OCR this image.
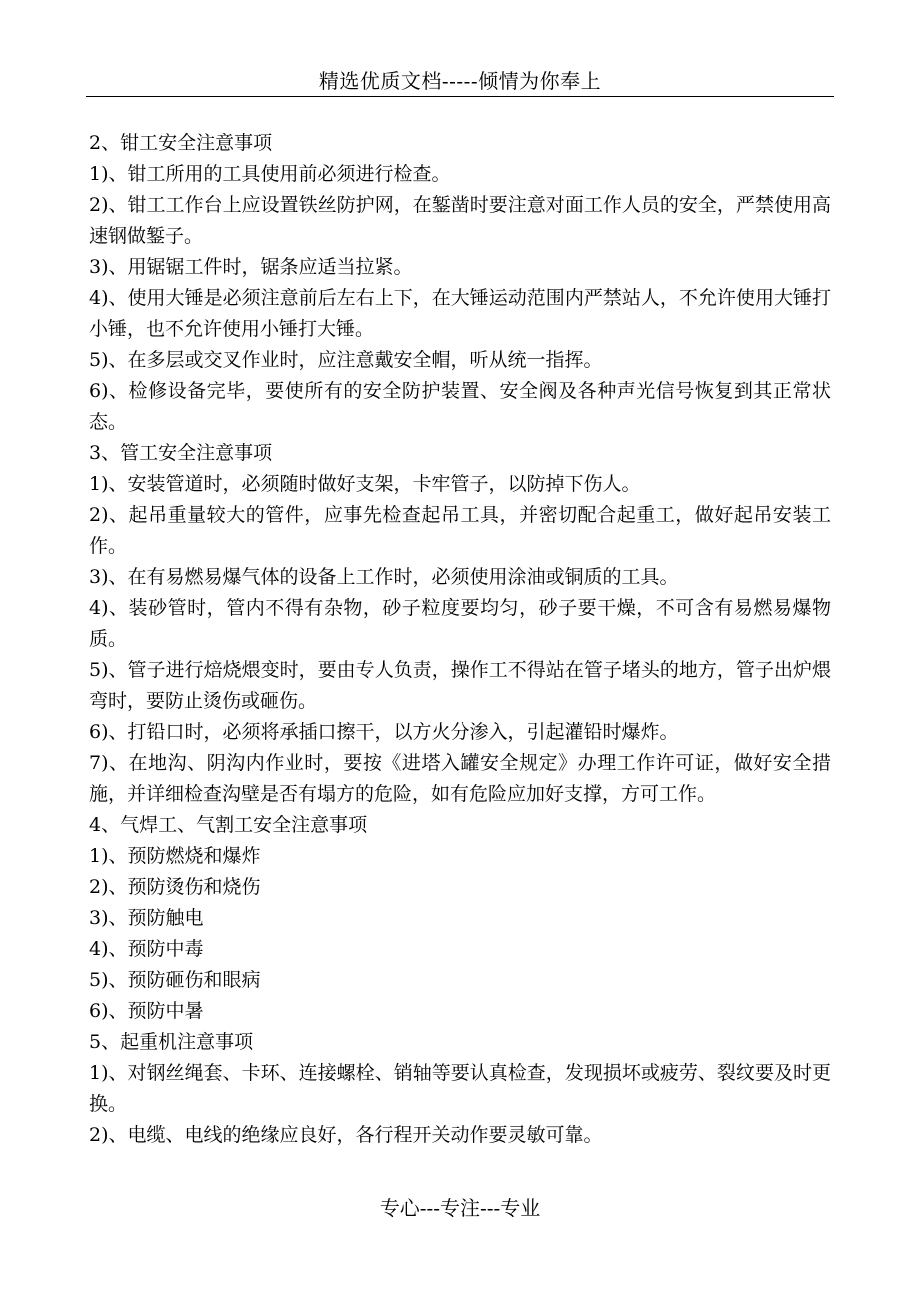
精选优质文档-----倾情为你奉上

2、钳工安全注意事项

1)、钳工所用的工具使用前必须进行检查。

2)、钳工工作台上应设置铁丝防护网，在錾凿时要注意对面工作人员的安全，严禁使用高速钢做錾子。

3)、用锯锯工件时，锯条应适当拉紧。

4)、使用大锤是必须注意前后左右上下，在大锤运动范围内严禁站人，不允许使用大锤打小锤，也不允许使用小锤打大锤。

5)、在多层或交叉作业时，应注意戴安全帽，听从统一指挥。

6)、检修设备完毕，要使所有的安全防护装置、安全阀及各种声光信号恢复到其正常状态。

3、管工安全注意事项

1)、安装管道时，必须随时做好支架，卡牢管子，以防掉下伤人。

2)、起吊重量较大的管件，应事先检查起吊工具，并密切配合起重工，做好起吊安装工作。

3)、在有易燃易爆气体的设备上工作时，必须使用涂油或铜质的工具。

4)、装砂管时，管内不得有杂物，砂子粒度要均匀，砂子要干燥，不可含有易燃易爆物质。

5)、管子进行焙烧煨变时，要由专人负责，操作工不得站在管子堵头的地方，管子出炉煨弯时，要防止烫伤或砸伤。

6)、打铅口时，必须将承插口擦干，以方火分渗入，引起灌铅时爆炸。

7)、在地沟、阴沟内作业时，要按《进塔入罐安全规定》办理工作许可证，做好安全措施，并详细检查沟壁是否有塌方的危险，如有危险应加好支撑，方可工作。

4、气焊工、气割工安全注意事项

1)、预防燃烧和爆炸

2)、预防烫伤和烧伤

3)、预防触电

4)、预防中毒

5)、预防砸伤和眼病

6)、预防中暑

5、起重机注意事项

1)、对钢丝绳套、卡环、连接螺栓、销轴等要认真检查，发现损坏或疲劳、裂纹要及时更换。

2)、电缆、电线的绝缘应良好，各行程开关动作要灵敏可靠。

专心---专注---专业
